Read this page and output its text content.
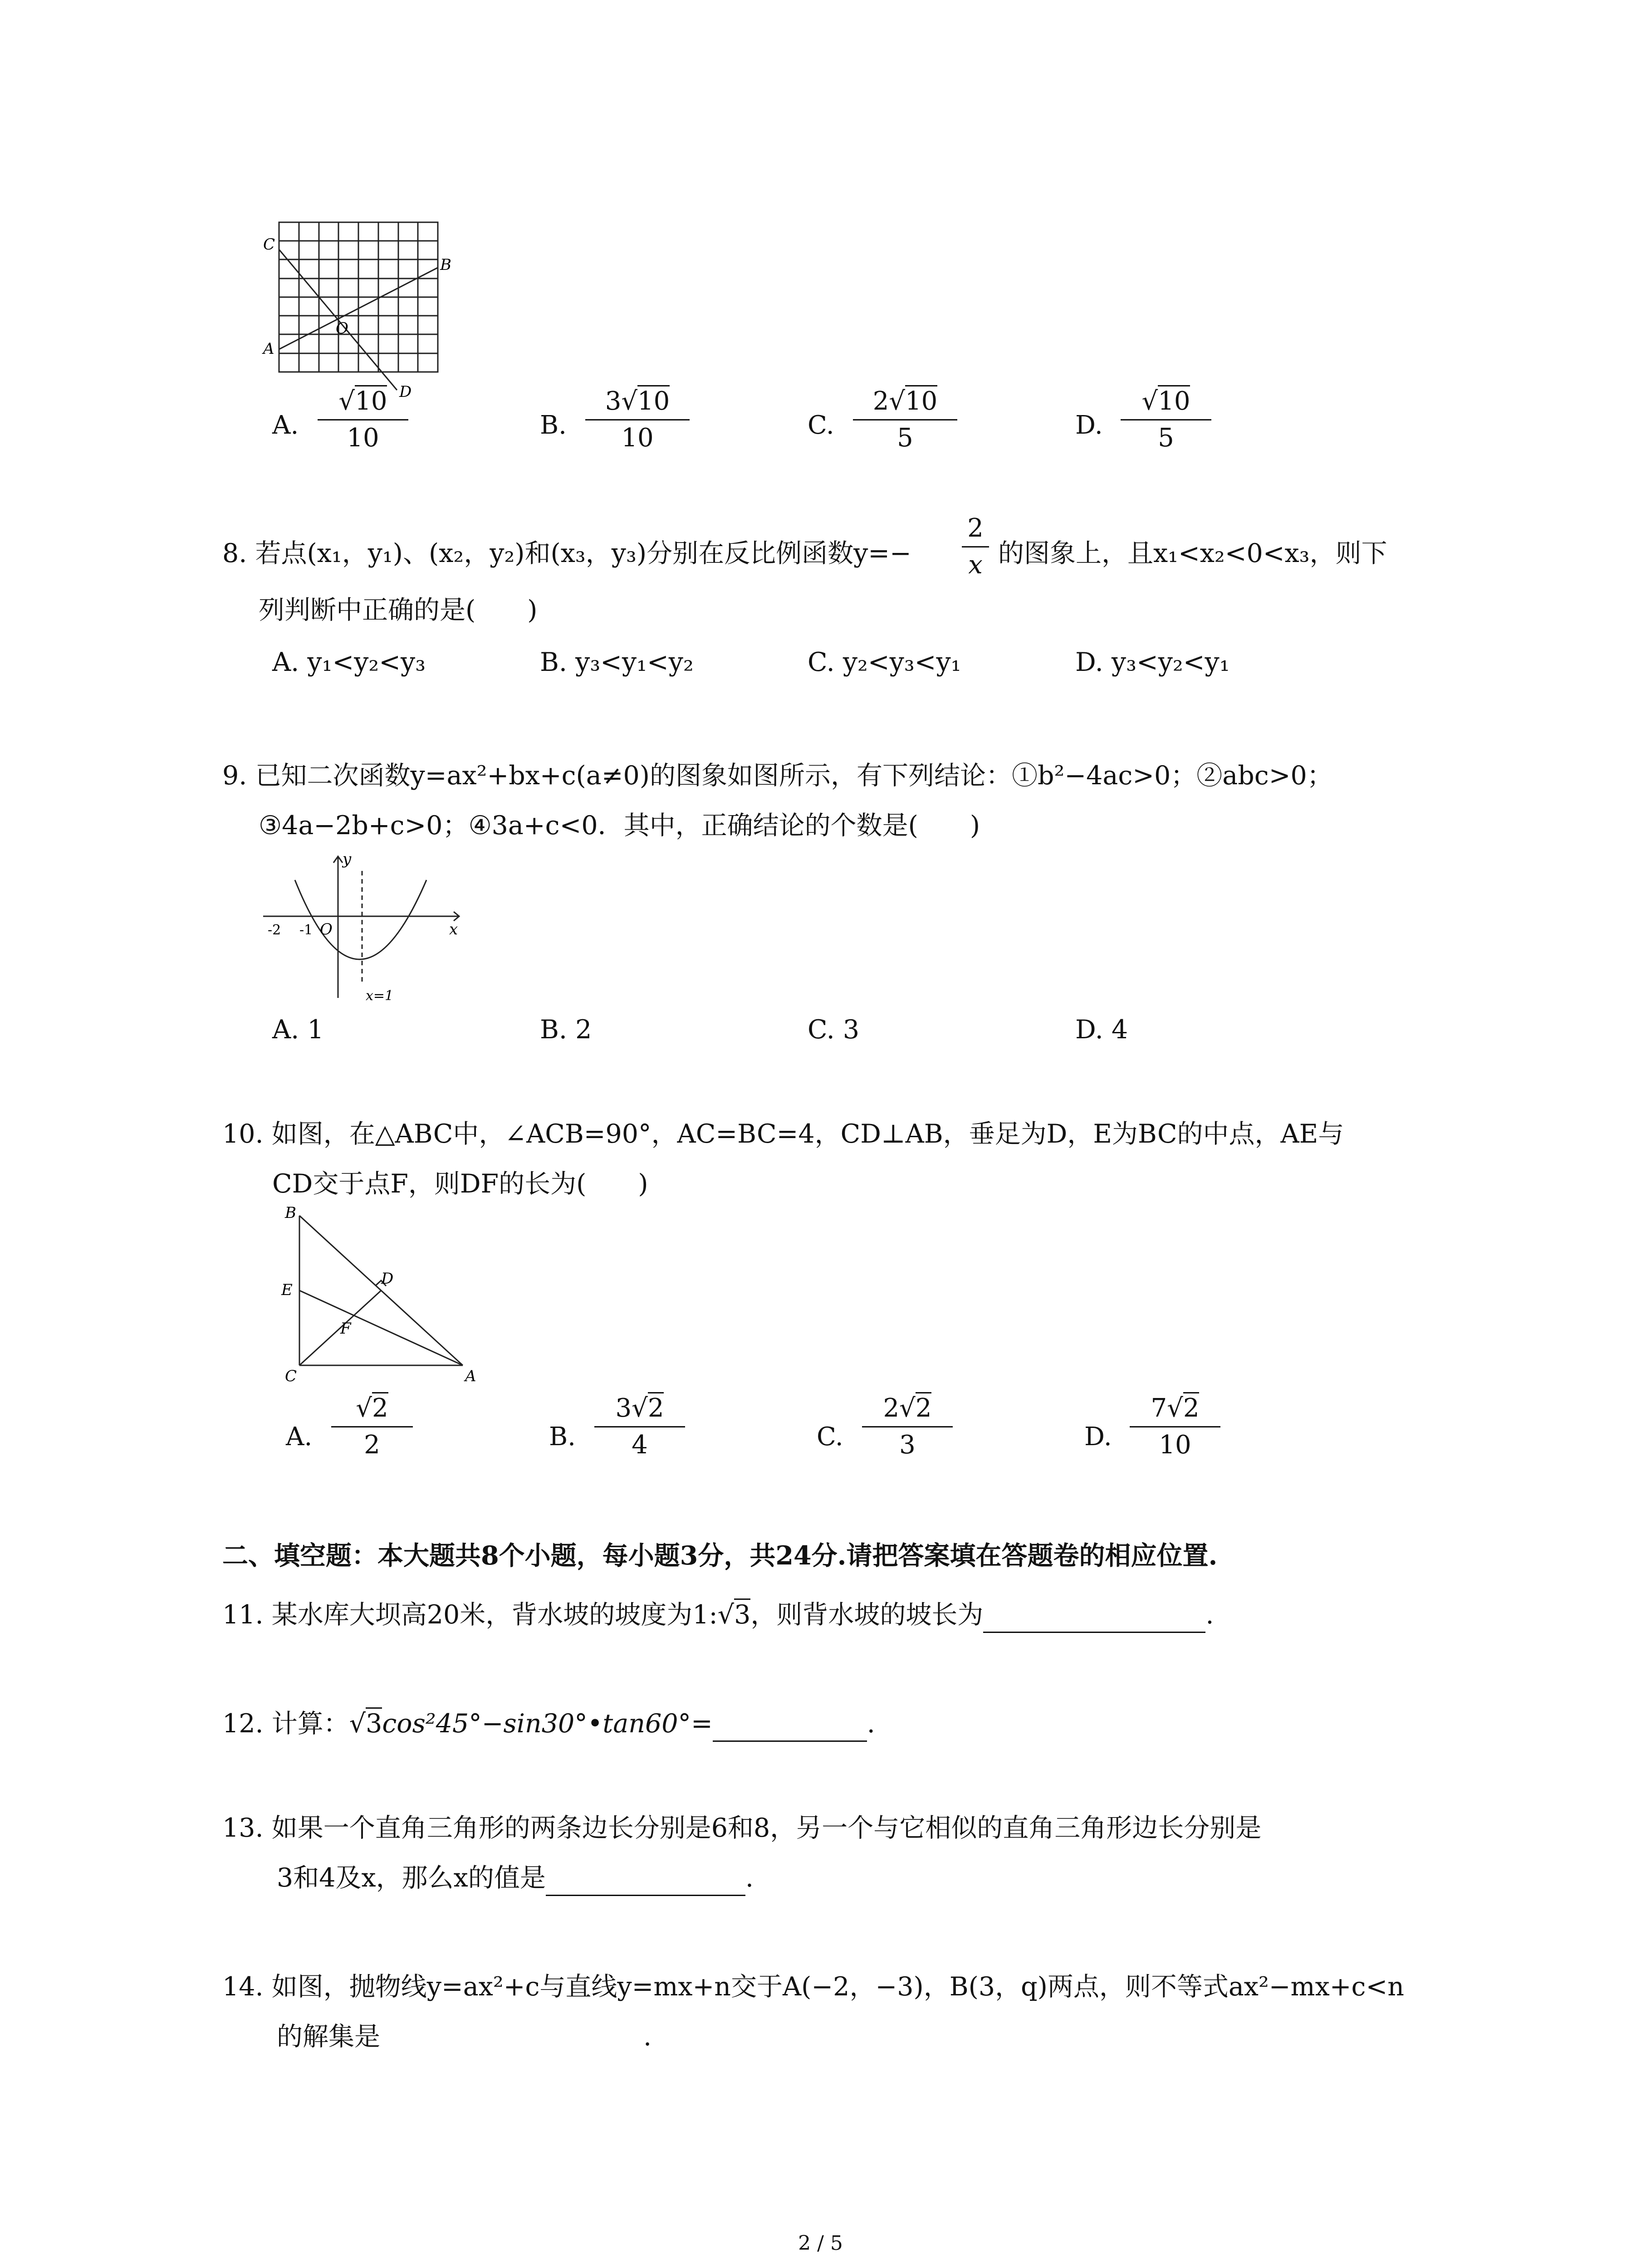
C
B
A
O
D
A.
√10
10	B.
3√10
10	C.
2√10
5	D.
√10
5
8. 若点(x₁，y₁)、(x₂，y₂)和(x₃，y₃)分别在反比例函数y=−
2
x 的图象上，且x₁<x₂<0<x₃，则下
列判断中正确的是(　　)
A. y₁<y₂<y₃	B. y₃<y₁<y₂	C. y₂<y₃<y₁	D. y₃<y₂<y₁
9. 已知二次函数y=ax²+bx+c(a≠0)的图象如图所示，有下列结论：①b²−4ac>0；②abc>0；
③4a−2b+c>0；④3a+c<0．其中，正确结论的个数是(　　)
y
x
O
-2 -1
x=1
A. 1	B. 2	C. 3	D. 4
10. 如图，在△ABC中，∠ACB=90°，AC=BC=4，CD⊥AB，垂足为D，E为BC的中点，AE与
CD交于点F，则DF的长为(　　)
B
D
E
F
C	A
A.
√2
2	B.
3√2
4	C.
2√2
3	D.
7√2
10
二、填空题：本大题共8个小题，每小题3分，共24分.请把答案填在答题卷的相应位置.
11. 某水库大坝高20米，背水坡的坡度为1:√3，则背水坡的坡长为	.
12. 计算：√3cos²45°−sin30°•tan60°=	.
13. 如果一个直角三角形的两条边长分别是6和8，另一个与它相似的直角三角形边长分别是
3和4及x，那么x的值是	.
14. 如图，抛物线y=ax²+c与直线y=mx+n交于A(−2，−3)，B(3，q)两点，则不等式ax²−mx+c<n
的解集是	.
2 / 5
